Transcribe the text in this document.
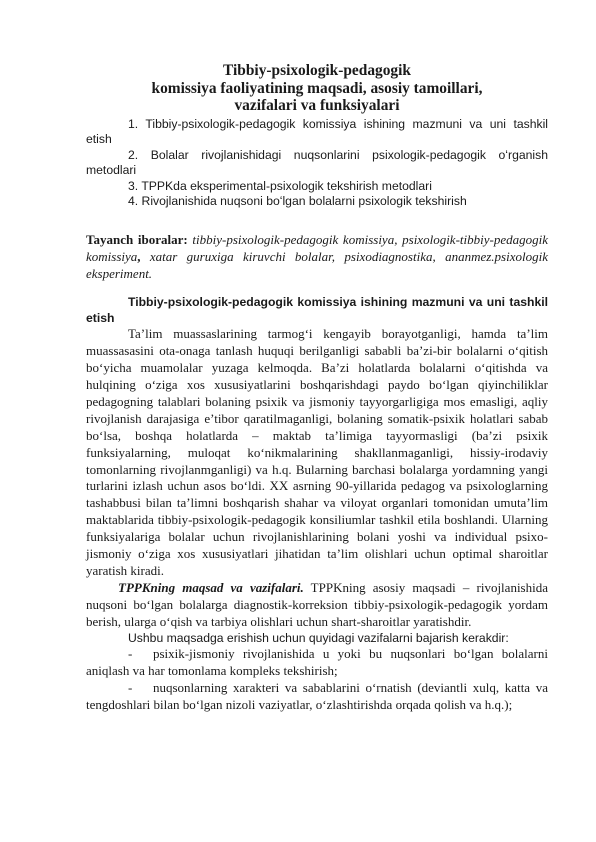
Tibbiy-psixologik-pedagogik
komissiya faoliyatining maqsadi, asosiy tamoillari,
vazifalari va funksiyalari

1. Tibbiy-psixologik-pedagogik komissiya ishining mazmuni va uni tashkil etish

2. Bolalar rivojlanishidagi nuqsonlarini psixologik-pedagogik oʻrganish metodlari

3. TPPKda eksperimental-psixologik tekshirish metodlari

4. Rivojlanishida nuqsoni boʻlgan bolalarni psixologik tekshirish

Tayanch iboralar: tibbiy-psixologik-pedagogik komissiya, psixologik-tibbiy-pedagogik komissiya, xatar guruxiga kiruvchi bolalar, psixodiagnostika, ananmez.psixologik eksperiment.

Tibbiy-psixologik-pedagogik komissiya ishining mazmuni va uni tashkil etish

Ta’lim muassaslarining tarmog‘i kengayib borayotganligi, hamda ta’lim muassasasini ota-onaga tanlash huquqi berilganligi sababli ba’zi-bir bolalarni o‘qitish bo‘yicha muamolalar yuzaga kelmoqda. Ba’zi holatlarda bolalarni o‘qitishda va hulqining o‘ziga xos xususiyatlarini boshqarishdagi paydo bo‘lgan qiyinchiliklar pedagogning talablari bolaning psixik va jismoniy tayyorgarligiga mos emasligi, aqliy rivojlanish darajasiga e’tibor qaratilmaganligi, bolaning somatik-psixik holatlari sabab bo‘lsa, boshqa holatlarda – maktab ta’limiga tayyormasligi (ba’zi psixik funksiyalarning, muloqat ko‘nikmalarining shakllanmaganligi, hissiy-irodaviy tomonlarning rivojlanmganligi) va h.q. Bularning barchasi bolalarga yordamning yangi turlarini izlash uchun asos bo‘ldi. XX asrning 90-yillarida pedagog va psixologlarning tashabbusi bilan ta’limni boshqarish shahar va viloyat organlari tomonidan umuta’lim maktablarida tibbiy-psixologik-pedagogik konsiliumlar tashkil etila boshlandi. Ularning funksiyalariga bolalar uchun rivojlanishlarining bolani yoshi va individual psixo-jismoniy o‘ziga xos xususiyatlari jihatidan ta’lim olishlari uchun optimal sharoitlar yaratish kiradi.

TPPKning maqsad va vazifalari. TPPKning asosiy maqsadi – rivojlanishida nuqsoni bo‘lgan bolalarga diagnostik-korreksion tibbiy-psixologik-pedagogik yordam berish, ularga o‘qish va tarbiya olishlari uchun shart-sharoitlar yaratishdir.

Ushbu maqsadga erishish uchun quyidagi vazifalarni bajarish kerakdir:

- psixik-jismoniy rivojlanishida u yoki bu nuqsonlari bo‘lgan bolalarni aniqlash va har tomonlama kompleks tekshirish;

- nuqsonlarning xarakteri va sabablarini o‘rnatish (deviantli xulq, katta va tengdoshlari bilan bo‘lgan nizoli vaziyatlar, o‘zlashtirishda orqada qolish va h.q.);
